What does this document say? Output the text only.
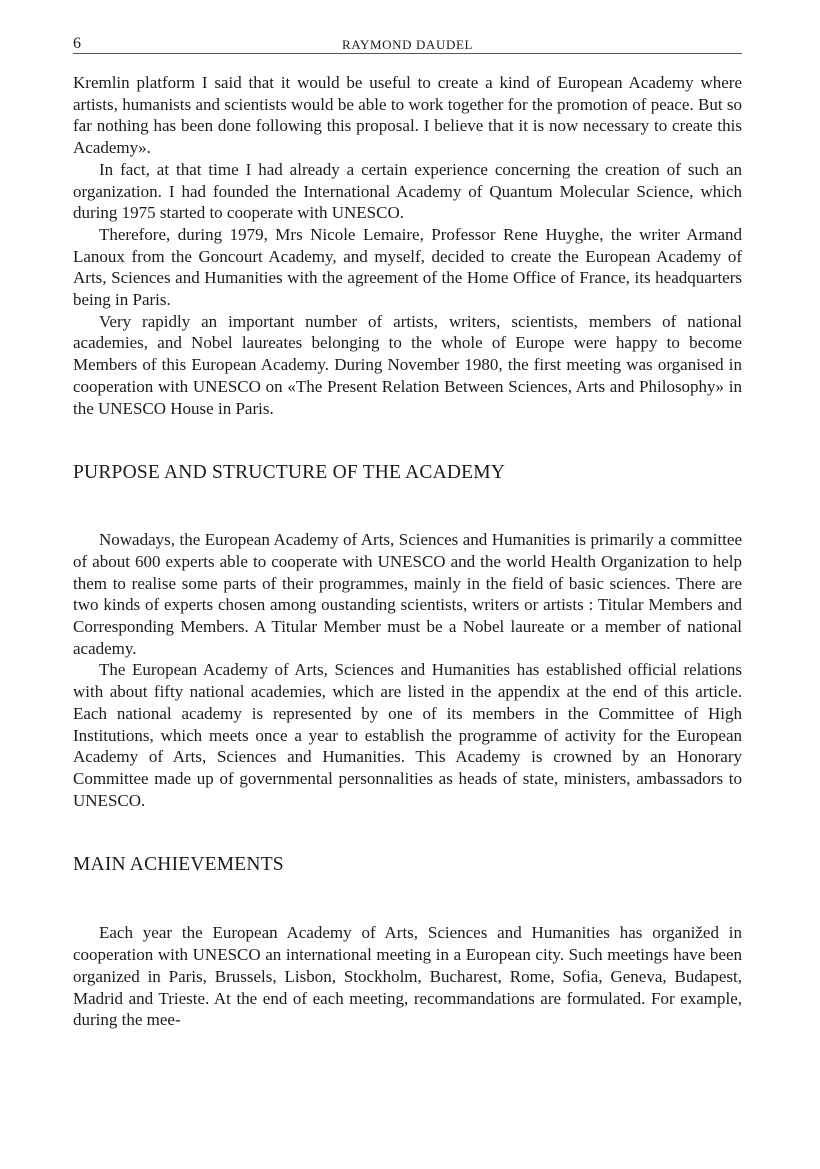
6	RAYMOND DAUDEL

Kremlin platform I said that it would be useful to create a kind of European Academy where artists, humanists and scientists would be able to work together for the promotion of peace. But so far nothing has been done following this proposal. I believe that it is now necessary to create this Academy».

In fact, at that time I had already a certain experience concerning the creation of such an organization. I had founded the International Academy of Quantum Molecular Science, which during 1975 started to cooperate with UNESCO.

Therefore, during 1979, Mrs Nicole Lemaire, Professor Rene Huyghe, the writer Armand Lanoux from the Goncourt Academy, and myself, decided to create the European Academy of Arts, Sciences and Humanities with the agreement of the Home Office of France, its headquarters being in Paris.

Very rapidly an important number of artists, writers, scientists, members of national academies, and Nobel laureates belonging to the whole of Europe were happy to become Members of this European Academy. During November 1980, the first meeting was organised in cooperation with UNESCO on «The Present Relation Between Sciences, Arts and Philosophy» in the UNESCO House in Paris.

PURPOSE AND STRUCTURE OF THE ACADEMY

Nowadays, the European Academy of Arts, Sciences and Humanities is primarily a committee of about 600 experts able to cooperate with UNESCO and the world Health Organization to help them to realise some parts of their programmes, mainly in the field of basic sciences. There are two kinds of experts chosen among oustanding scientists, writers or artists : Titular Members and Corresponding Members. A Titular Member must be a Nobel laureate or a member of national academy.

The European Academy of Arts, Sciences and Humanities has established official relations with about fifty national academies, which are listed in the appendix at the end of this article. Each national academy is represented by one of its members in the Committee of High Institutions, which meets once a year to establish the programme of activity for the European Academy of Arts, Sciences and Humanities. This Academy is crowned by an Honorary Committee made up of governmental personnalities as heads of state, ministers, ambassadors to UNESCO.

MAIN ACHIEVEMENTS

Each year the European Academy of Arts, Sciences and Humanities has organižed in cooperation with UNESCO an international meeting in a European city. Such meetings have been organized in Paris, Brussels, Lisbon, Stockholm, Bucharest, Rome, Sofia, Geneva, Budapest, Madrid and Trieste. At the end of each meeting, recommandations are formulated. For example, during the mee-
